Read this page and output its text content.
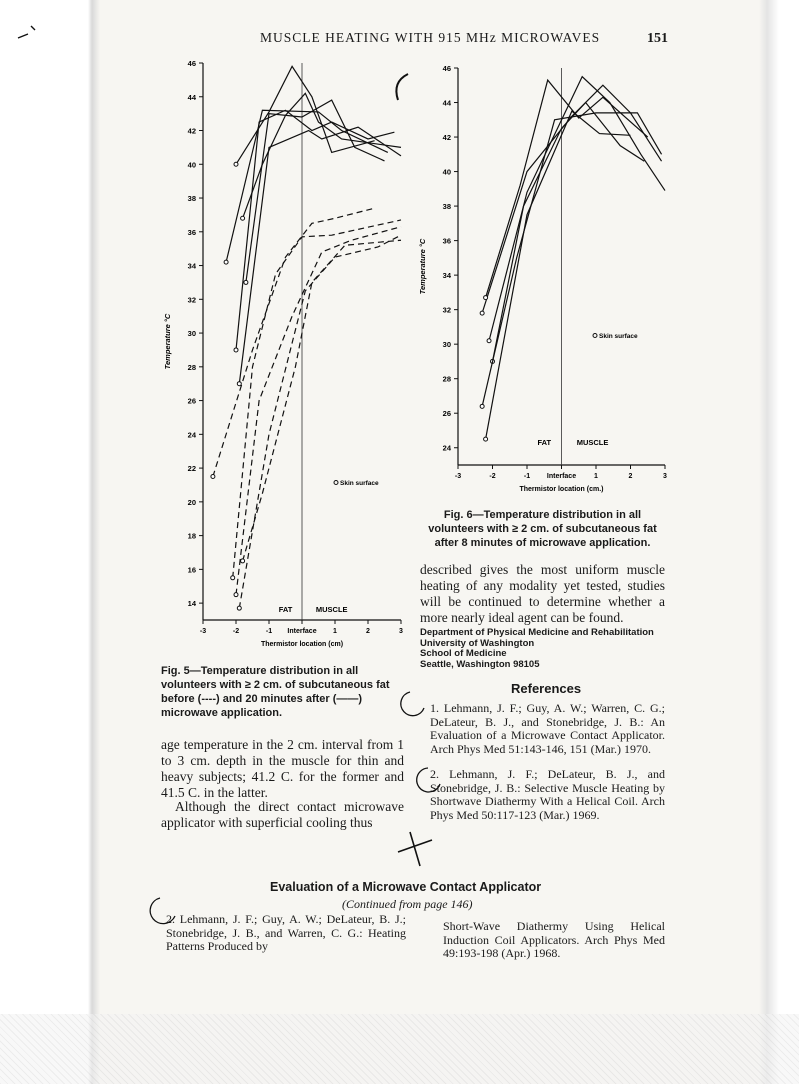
MUSCLE HEATING WITH 915 MHz MICROWAVES	151
14
16
18
20
22
24
26
28
30
32
34
36
38
40
42
44
46
-3	-2	-1 Interface 1	2	3
Thermistor location (cm)
Temperature °C
FAT	MUSCLE
Skin surface
24
26
28
30
32
34
36
38
40
42
44
46
-3	-2	-1 Interface	1	2	3
Thermistor location (cm.)
Temperature °C
FAT	MUSCLE
Skin surface
Fig. 5—Temperature distribution in all volunteers with ≥ 2 cm. of subcutaneous fat before (----) and 20 minutes after (——) microwave application.
Fig. 6—Temperature distribution in all volunteers with ≥ 2 cm. of subcutaneous fat after 8 minutes of microwave application.
described gives the most uniform muscle heating of any modality yet tested, studies will be continued to determine whether a more nearly ideal agent can be found.
Department of Physical Medicine and Rehabilitation
University of Washington
School of Medicine
Seattle, Washington 98105
References
1. Lehmann, J. F.; Guy, A. W.; Warren, C. G.; DeLateur, B. J., and Stonebridge, J. B.: An Evaluation of a Microwave Contact Applicator. Arch Phys Med 51:143-146, 151 (Mar.) 1970.
2. Lehmann, J. F.; DeLateur, B. J., and Stonebridge, J. B.: Selective Muscle Heating by Shortwave Diathermy With a Helical Coil. Arch Phys Med 50:117-123 (Mar.) 1969.
age temperature in the 2 cm. interval from 1 to 3 cm. depth in the muscle for thin and heavy subjects; 41.2 C. for the former and 41.5 C. in the latter.
Although the direct contact microwave applicator with superficial cooling thus
Evaluation of a Microwave Contact Applicator
(Continued from page 146)
2. Lehmann, J. F.; Guy, A. W.; DeLateur, B. J.; Stonebridge, J. B., and Warren, C. G.: Heating Patterns Produced by
Short-Wave Diathermy Using Helical Induction Coil Applicators. Arch Phys Med 49:193-198 (Apr.) 1968.
